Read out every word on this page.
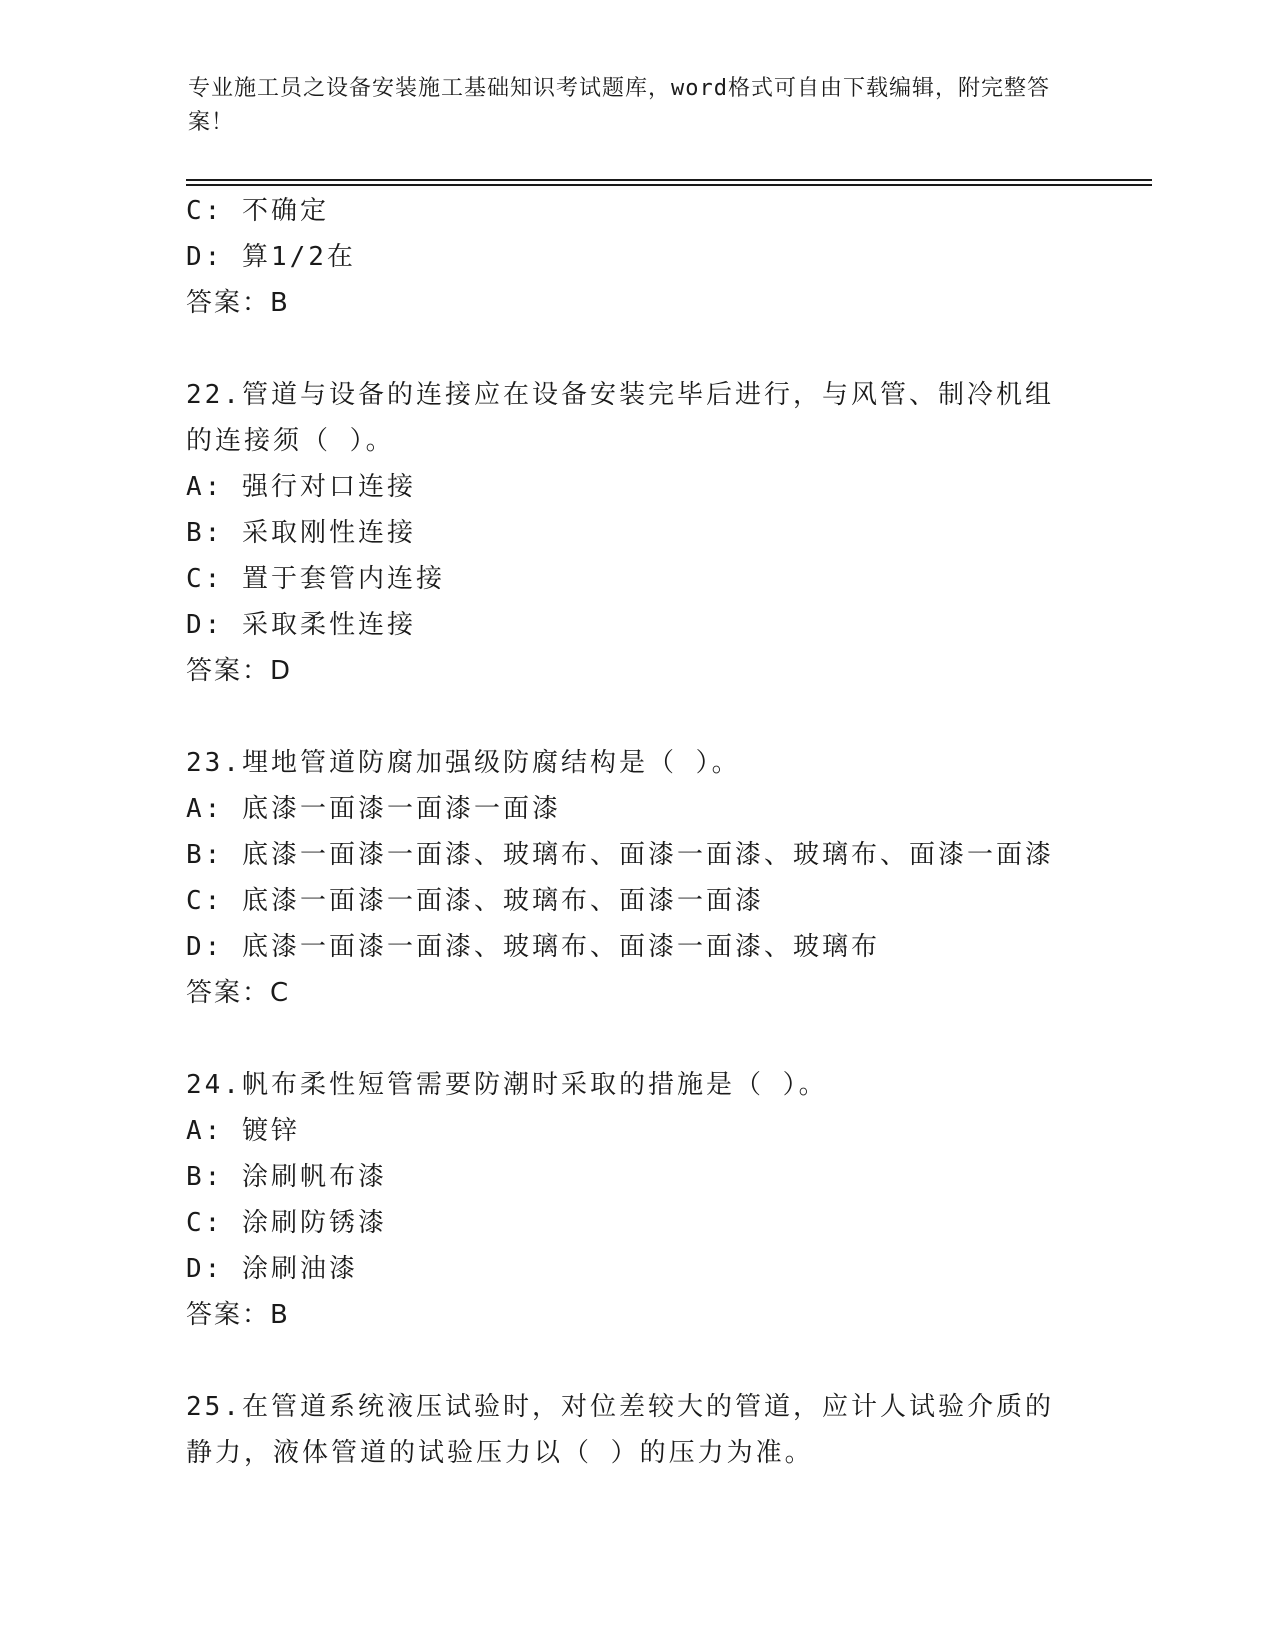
专业施工员之设备安装施工基础知识考试题库，word格式可自由下载编辑，附完整答案！
C: 不确定
D: 算1/2在
答案：B
22.管道与设备的连接应在设备安装完毕后进行，与风管、制冷机组的连接须（ ）。
A: 强行对口连接
B: 采取刚性连接
C: 置于套管内连接
D: 采取柔性连接
答案：D
23.埋地管道防腐加强级防腐结构是（ ）。
A: 底漆一面漆一面漆一面漆
B: 底漆一面漆一面漆、玻璃布、面漆一面漆、玻璃布、面漆一面漆
C: 底漆一面漆一面漆、玻璃布、面漆一面漆
D: 底漆一面漆一面漆、玻璃布、面漆一面漆、玻璃布
答案：C
24.帆布柔性短管需要防潮时采取的措施是（ ）。
A: 镀锌
B: 涂刷帆布漆
C: 涂刷防锈漆
D: 涂刷油漆
答案：B
25.在管道系统液压试验时，对位差较大的管道，应计人试验介质的静力，液体管道的试验压力以（ ）的压力为准。
